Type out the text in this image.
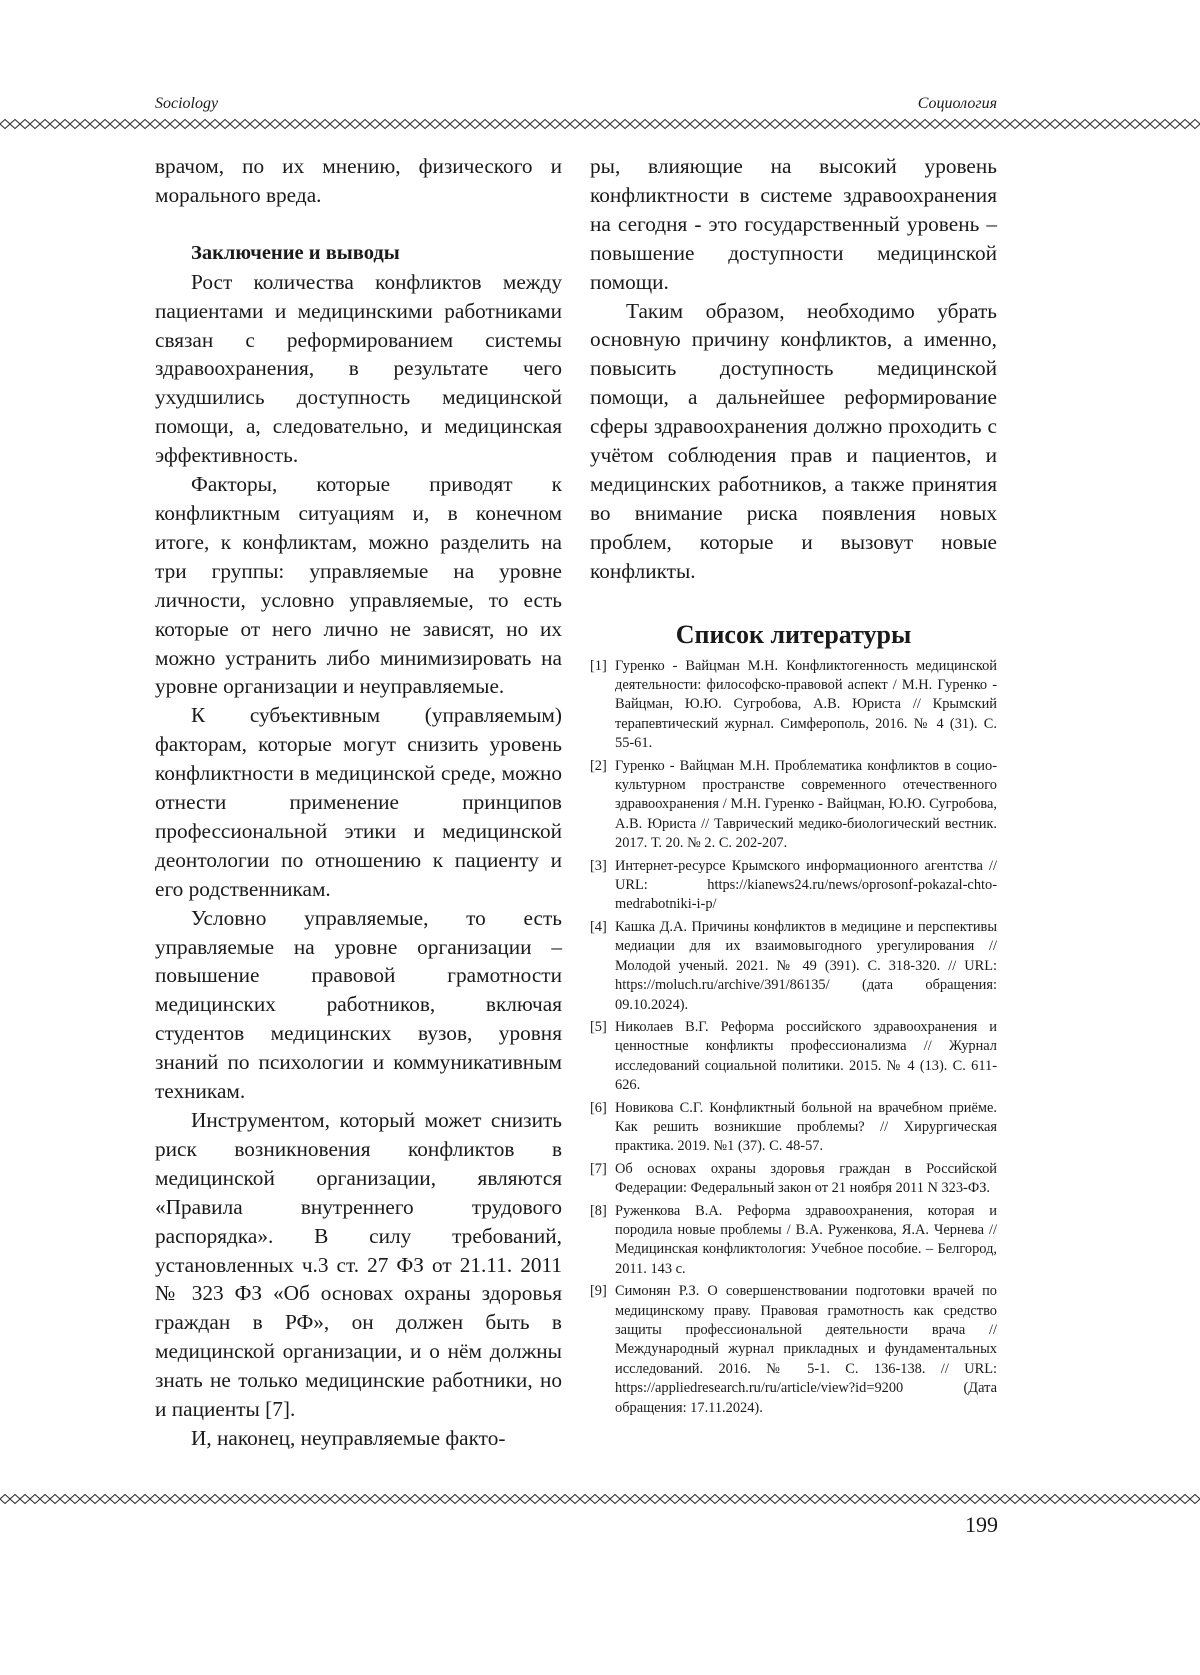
Sociology	Социология

врачом, по их мнению, физического и морального вреда.

Заключение и выводы

Рост количества конфликтов между пациентами и медицинскими работниками связан с реформированием системы здравоохранения, в результате чего ухудшились доступность медицинской помощи, а, следовательно, и медицинская эффективность.

Факторы, которые приводят к конфликтным ситуациям и, в конечном итоге, к конфликтам, можно разделить на три группы: управляемые на уровне личности, условно управляемые, то есть которые от него лично не зависят, но их можно устранить либо минимизировать на уровне организации и неуправляемые.

К субъективным (управляемым) факторам, которые могут снизить уровень конфликтности в медицинской среде, можно отнести применение принципов профессиональной этики и медицинской деонтологии по отношению к пациенту и его родственникам.

Условно управляемые, то есть управляемые на уровне организации – повышение правовой грамотности медицинских работников, включая студентов медицинских вузов, уровня знаний по психологии и коммуникативным техникам.

Инструментом, который может снизить риск возникновения конфликтов в медицинской организации, являются «Правила внутреннего трудового распорядка». В силу требований, установленных ч.3 ст. 27 ФЗ от 21.11. 2011 № 323 ФЗ «Об основах охраны здоровья граждан в РФ», он должен быть в медицинской организации, и о нём должны знать не только медицинские работники, но и пациенты [7].

И, наконец, неуправляемые факто-

ры, влияющие на высокий уровень конфликтности в системе здравоохранения на сегодня - это государственный уровень – повышение доступности медицинской помощи.

Таким образом, необходимо убрать основную причину конфликтов, а именно, повысить доступность медицинской помощи, а дальнейшее реформирование сферы здравоохранения должно проходить с учётом соблюдения прав и пациентов, и медицинских работников, а также принятия во внимание риска появления новых проблем, которые и вызовут новые конфликты.

Список литературы
[1] Гуренко - Вайцман М.Н. Конфликтогенность медицинской деятельности: философско-правовой аспект / М.Н. Гуренко - Вайцман, Ю.Ю. Сугробова, А.В. Юриста // Крымский терапевтический журнал. Симферополь, 2016. № 4 (31). С. 55-61.
[2] Гуренко - Вайцман М.Н. Проблематика конфликтов в социо-культурном пространстве современного отечественного здравоохранения / М.Н. Гуренко - Вайцман, Ю.Ю. Сугробова, А.В. Юриста // Таврический медико-биологический вестник. 2017. Т. 20. № 2. С. 202-207.
[3] Интернет-ресурсе Крымского информационного агентства // URL: https://kianews24.ru/news/oprosonf-pokazal-chto-medrabotniki-i-p/
[4] Кашка Д.А. Причины конфликтов в медицине и перспективы медиации для их взаимовыгодного урегулирования // Молодой ученый. 2021. № 49 (391). С. 318-320. // URL: https://moluch.ru/archive/391/86135/ (дата обращения: 09.10.2024).
[5] Николаев В.Г. Реформа российского здравоохранения и ценностные конфликты профессионализма // Журнал исследований социальной политики. 2015. № 4 (13). С. 611-626.
[6] Новикова С.Г. Конфликтный больной на врачебном приёме. Как решить возникшие проблемы? // Хирургическая практика. 2019. №1 (37). С. 48-57.
[7] Об основах охраны здоровья граждан в Российской Федерации: Федеральный закон от 21 ноября 2011 N 323-ФЗ.
[8] Руженкова В.А. Реформа здравоохранения, которая и породила новые проблемы / В.А. Руженкова, Я.А. Чернева // Медицинская конфликтология: Учебное пособие. – Белгород, 2011. 143 с.
[9] Симонян Р.З. О совершенствовании подготовки врачей по медицинскому праву. Правовая грамотность как средство защиты профессиональной деятельности врача // Международный журнал прикладных и фундаментальных исследований. 2016. № 5-1. С. 136-138. // URL: https://appliedresearch.ru/ru/article/view?id=9200 (Дата обращения: 17.11.2024).
199
